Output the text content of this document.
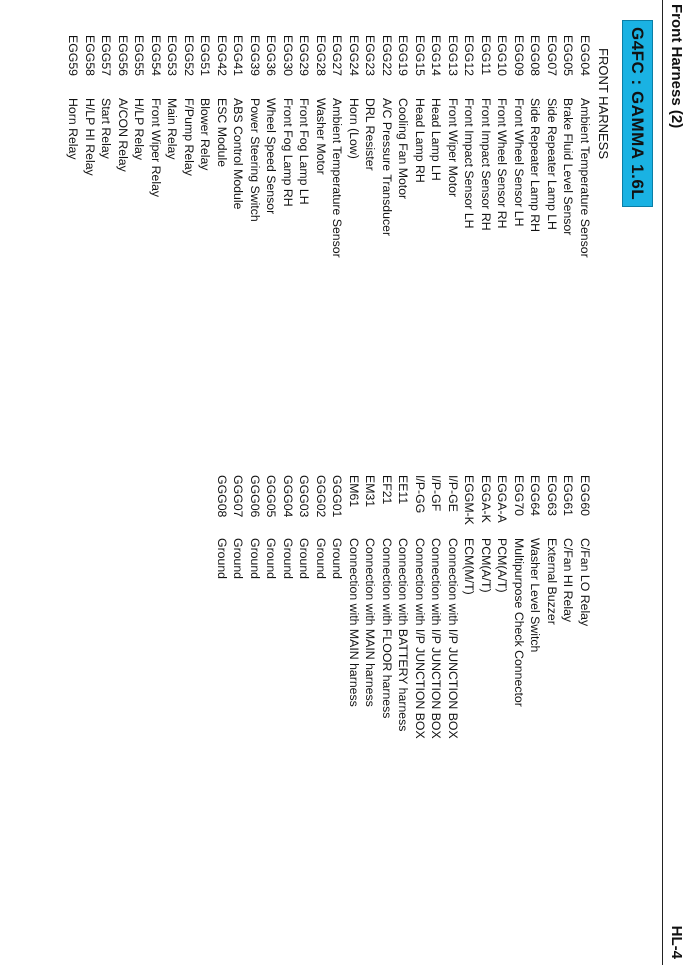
Front Harness (2)
HL-4
G4FC : GAMMA 1.6L
FRONT HARNESS
EGG04
Ambient Temperature Sensor
EGG05
Brake Fluid Level Sensor
EGG07
Side Repeater Lamp LH
EGG08
Side Repeater Lamp RH
EGG09
Front Wheel Sensor LH
EGG10
Front Wheel Sensor RH
EGG11
Front Impact Sensor RH
EGG12
Front Impact Sensor LH
EGG13
Front Wiper Motor
EGG14
Head Lamp LH
EGG15
Head Lamp RH
EGG19
Cooling Fan Motor
EGG22
A/C Pressure Transducer
EGG23
DRL Resister
EGG24
Horn (Low)
EGG27
Ambient Temperature Sensor
EGG28
Washer Motor
EGG29
Front Fog Lamp LH
EGG30
Front Fog Lamp RH
EGG36
Wheel Speed Sensor
EGG39
Power Steering Switch
EGG41
ABS Control Module
EGG42
ESC Module
EGG51
Blower Relay
EGG52
F/Pump Relay
EGG53
Main Relay
EGG54
Front Wiper Relay
EGG55
H/LP Relay
EGG56
A/CON Relay
EGG57
Start Relay
EGG58
H/LP HI Relay
EGG59
Horn Relay
EGG60
C/Fan LO Relay
EGG61
C/Fan HI Relay
EGG63
External Buzzer
EGG64
Washer Level Switch
EGG70
Multipurpose Check Connector
EGGA-A
PCM(A/T)
EGGA-K
PCM(A/T)
EGGM-K
ECM(M/T)
I/P-GE
Connection with I/P JUNCTION BOX
I/P-GF
Connection with I/P JUNCTION BOX
I/P-GG
Connection with I/P JUNCTION BOX
EE11
Connection with BATTERY harness
EF21
Connection with FLOOR harness
EM31
Connection with MAIN harness
EM61
Connection with MAIN harness
GGG01
Ground
GGG02
Ground
GGG03
Ground
GGG04
Ground
GGG05
Ground
GGG06
Ground
GGG07
Ground
GGG08
Ground
